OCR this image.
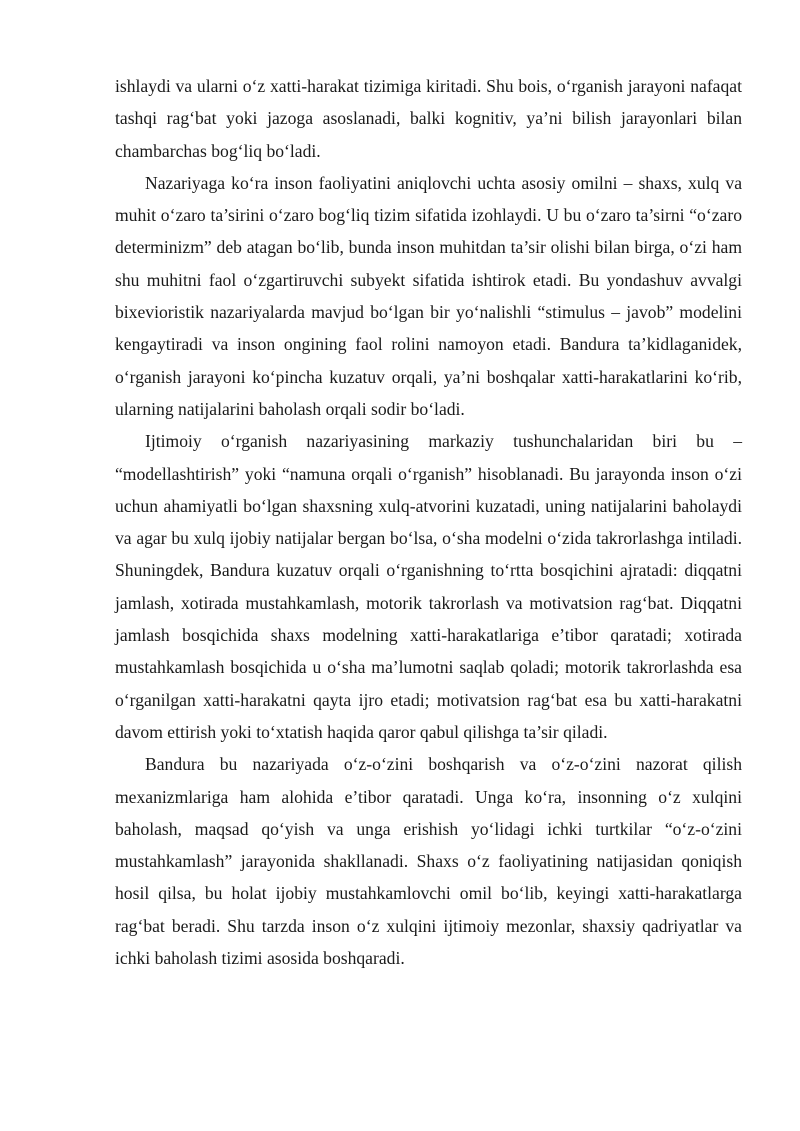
ishlaydi va ularni o‘z xatti-harakat tizimiga kiritadi. Shu bois, o‘rganish jarayoni nafaqat tashqi rag‘bat yoki jazoga asoslanadi, balki kognitiv, ya’ni bilish jarayonlari bilan chambarchas bog‘liq bo‘ladi.

Nazariyaga ko‘ra inson faoliyatini aniqlovchi uchta asosiy omilni – shaxs, xulq va muhit o‘zaro ta’sirini o‘zaro bog‘liq tizim sifatida izohlaydi. U bu o‘zaro ta’sirni “o‘zaro determinizm” deb atagan bo‘lib, bunda inson muhitdan ta’sir olishi bilan birga, o‘zi ham shu muhitni faol o‘zgartiruvchi subyekt sifatida ishtirok etadi. Bu yondashuv avvalgi bixevioristik nazariyalarda mavjud bo‘lgan bir yo‘nalishli “stimulus – javob” modelini kengaytiradi va inson ongining faol rolini namoyon etadi. Bandura ta’kidlaganidek, o‘rganish jarayoni ko‘pincha kuzatuv orqali, ya’ni boshqalar xatti-harakatlarini ko‘rib, ularning natijalarini baholash orqali sodir bo‘ladi.

Ijtimoiy o‘rganish nazariyasining markaziy tushunchalaridan biri bu – “modellashtirish” yoki “namuna orqali o‘rganish” hisoblanadi. Bu jarayonda inson o‘zi uchun ahamiyatli bo‘lgan shaxsning xulq-atvorini kuzatadi, uning natijalarini baholaydi va agar bu xulq ijobiy natijalar bergan bo‘lsa, o‘sha modelni o‘zida takrorlashga intiladi. Shuningdek, Bandura kuzatuv orqali o‘rganishning to‘rtta bosqichini ajratadi: diqqatni jamlash, xotirada mustahkamlash, motorik takrorlash va motivatsion rag‘bat. Diqqatni jamlash bosqichida shaxs modelning xatti-harakatlariga e’tibor qaratadi; xotirada mustahkamlash bosqichida u o‘sha ma’lumotni saqlab qoladi; motorik takrorlashda esa o‘rganilgan xatti-harakatni qayta ijro etadi; motivatsion rag‘bat esa bu xatti-harakatni davom ettirish yoki to‘xtatish haqida qaror qabul qilishga ta’sir qiladi.

Bandura bu nazariyada o‘z-o‘zini boshqarish va o‘z-o‘zini nazorat qilish mexanizmlariga ham alohida e’tibor qaratadi. Unga ko‘ra, insonning o‘z xulqini baholash, maqsad qo‘yish va unga erishish yo‘lidagi ichki turtkilar “o‘z-o‘zini mustahkamlash” jarayonida shakllanadi. Shaxs o‘z faoliyatining natijasidan qoniqish hosil qilsa, bu holat ijobiy mustahkamlovchi omil bo‘lib, keyingi xatti-harakatlarga rag‘bat beradi. Shu tarzda inson o‘z xulqini ijtimoiy mezonlar, shaxsiy qadriyatlar va ichki baholash tizimi asosida boshqaradi.
